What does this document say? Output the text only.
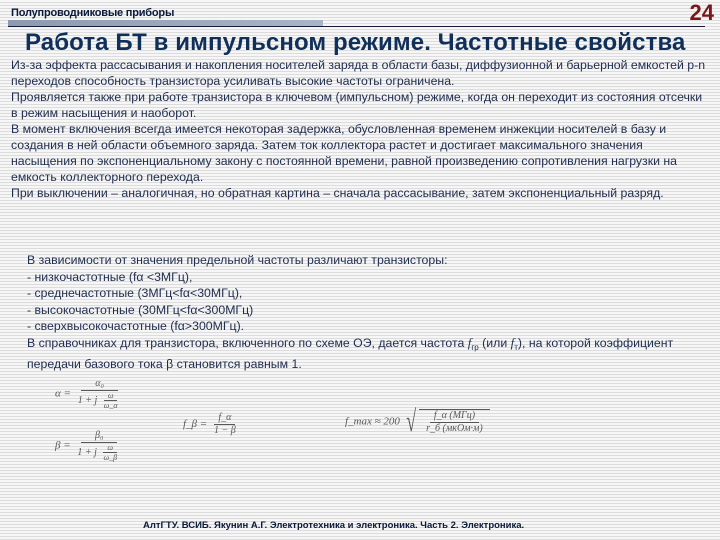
Полупроводниковые приборы	24
Работа БТ в импульсном режиме. Частотные свойства

Из-за эффекта рассасывания и накопления носителей заряда в области базы, диффузионной и барьерной емкостей p-n переходов способность транзистора усиливать высокие частоты ограничена.

Проявляется также при работе транзистора в ключевом (импульсном) режиме, когда он переходит из состояния отсечки в режим насыщения и наоборот.

В момент включения всегда имеется некоторая задержка, обусловленная временем инжекции носителей в базу и создания в ней области объемного заряда. Затем ток коллектора растет и достигает максимального значения насыщения по экспоненциальному закону с постоянной времени, равной произведению сопротивления нагрузки на емкость коллекторного перехода.

При выключении – аналогичная, но обратная картина – сначала рассасывание, затем экспоненциальный разряд.

В зависимости от значения предельной частоты различают транзисторы:

- низкочастотные (fα <3МГц),

- среднечастотные (3МГц<fα<30МГц),

- высокочастотные (30МГц<fα<300МГц)

- сверхвысокочастотные (fα>300МГц).

В справочниках для транзистора, включенного по схеме ОЭ, дается частота $f_{гр}$ (или $f_т$), на которой коэффициент передачи базового тока β становится равным 1.

$\alpha = \frac{\text{α₀}}{1 + j \frac{\omega}{\omega\_\alpha}}$
$\beta = \frac{\text{β₀}}{1 + j \frac{\omega}{\omega\_\beta}}$
f_β = $\frac{f\_\alpha}{1 - \beta}$	f_max ≈ 200 √ $\frac{\text{f\_α (МГц)}}{\text{r\_б (мкОм·м)}}$
АлтГТУ. ВСИБ. Якунин А.Г. Электротехника и электроника. Часть 2. Электроника.
